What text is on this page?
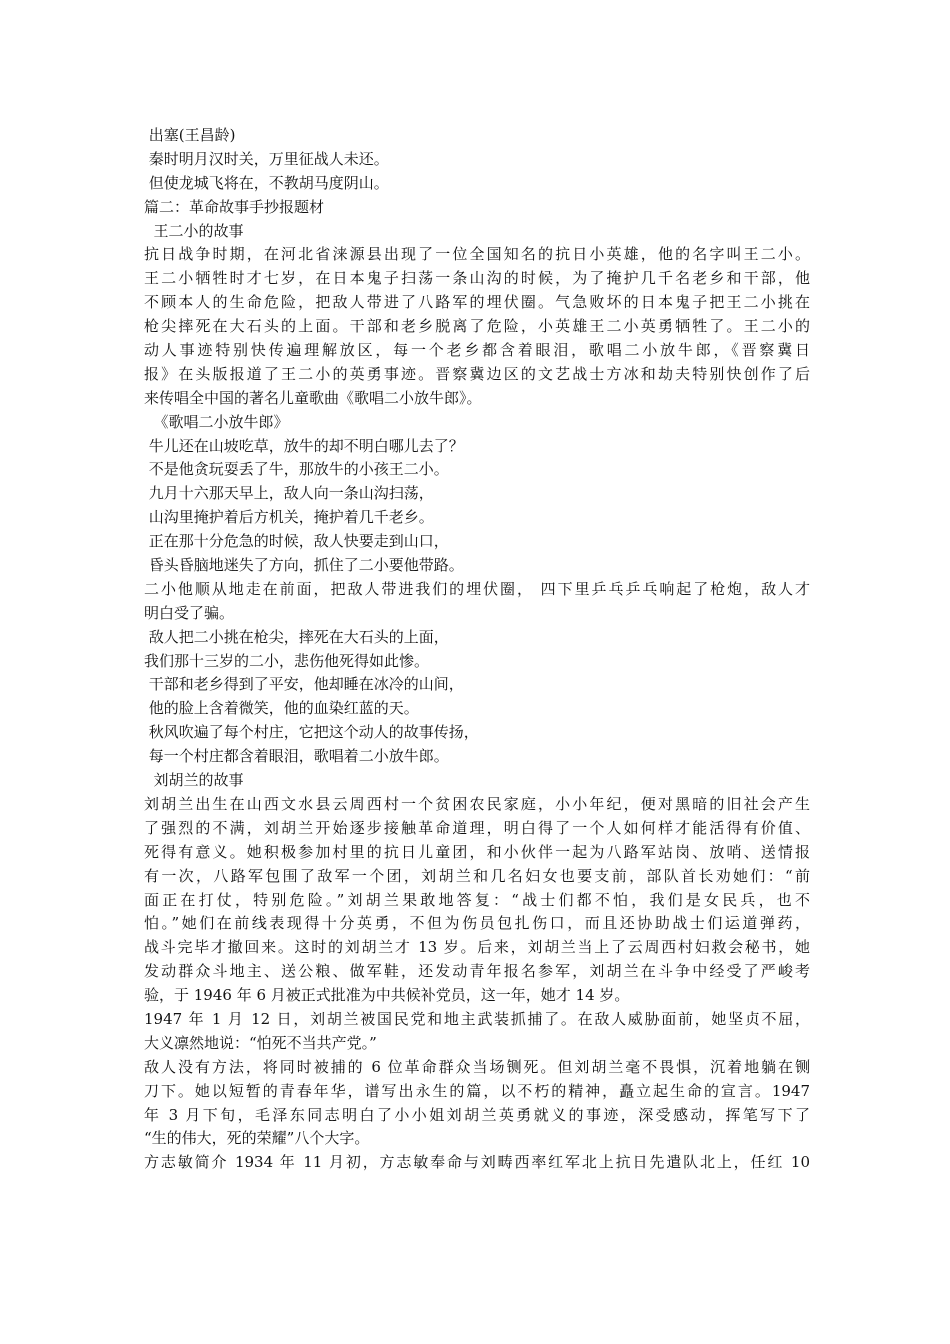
出塞(王昌龄)
秦时明月汉时关，万里征战人未还。
但使龙城飞将在，不教胡马度阴山。
篇二：革命故事手抄报题材
王二小的故事
抗日战争时期，在河北省涞源县出现了一位全国知名的抗日小英雄，他的名字叫王二小。
王二小牺牲时才七岁，在日本鬼子扫荡一条山沟的时候，为了掩护几千名老乡和干部，他
不顾本人的生命危险，把敌人带进了八路军的埋伏圈。气急败坏的日本鬼子把王二小挑在
枪尖摔死在大石头的上面。干部和老乡脱离了危险，小英雄王二小英勇牺牲了。王二小的
动人事迹特别快传遍理解放区，每一个老乡都含着眼泪，歌唱二小放牛郎，《晋察冀日
报》在头版报道了王二小的英勇事迹。晋察冀边区的文艺战士方冰和劫夫特别快创作了后
来传唱全中国的著名儿童歌曲《歌唱二小放牛郎》。
《歌唱二小放牛郎》
牛儿还在山坡吃草，放牛的却不明白哪儿去了？
不是他贪玩耍丢了牛，那放牛的小孩王二小。
九月十六那天早上，敌人向一条山沟扫荡，
山沟里掩护着后方机关，掩护着几千老乡。
正在那十分危急的时候，敌人快要走到山口，
昏头昏脑地迷失了方向，抓住了二小要他带路。
二小他顺从地走在前面，把敌人带进我们的埋伏圈， 四下里乒乓乒乓响起了枪炮，敌人才
明白受了骗。
敌人把二小挑在枪尖，摔死在大石头的上面，
我们那十三岁的二小，悲伤他死得如此惨。
干部和老乡得到了平安，他却睡在冰冷的山间，
他的脸上含着微笑，他的血染红蓝的天。
秋风吹遍了每个村庄，它把这个动人的故事传扬，
每一个村庄都含着眼泪，歌唱着二小放牛郎。
刘胡兰的故事
刘胡兰出生在山西文水县云周西村一个贫困农民家庭，小小年纪，便对黑暗的旧社会产生
了强烈的不满，刘胡兰开始逐步接触革命道理，明白得了一个人如何样才能活得有价值、
死得有意义。她积极参加村里的抗日儿童团，和小伙伴一起为八路军站岗、放哨、送情报
有一次，八路军包围了敌军一个团，刘胡兰和几名妇女也要支前，部队首长劝她们：“前
面正在打仗，特别危险。”刘胡兰果敢地答复：“战士们都不怕，我们是女民兵，也不
怕。”她们在前线表现得十分英勇，不但为伤员包扎伤口，而且还协助战士们运道弹药，
战斗完毕才撤回来。这时的刘胡兰才 13 岁。后来，刘胡兰当上了云周西村妇救会秘书，她
发动群众斗地主、送公粮、做军鞋，还发动青年报名参军，刘胡兰在斗争中经受了严峻考
验，于 1946 年 6 月被正式批准为中共候补党员，这一年，她才 14 岁。
1947 年 1 月 12 日，刘胡兰被国民党和地主武装抓捕了。在敌人威胁面前，她坚贞不屈，
大义凛然地说：“怕死不当共产党。”
敌人没有方法，将同时被捕的 6 位革命群众当场铡死。但刘胡兰毫不畏惧，沉着地躺在铡
刀下。她以短暂的青春年华，谱写出永生的篇，以不朽的精神，矗立起生命的宣言。1947
年 3 月下旬，毛泽东同志明白了小小姐刘胡兰英勇就义的事迹，深受感动，挥笔写下了
“生的伟大，死的荣耀”八个大字。
方志敏简介 1934 年 11 月初，方志敏奉命与刘畴西率红军北上抗日先遣队北上，任红 10
